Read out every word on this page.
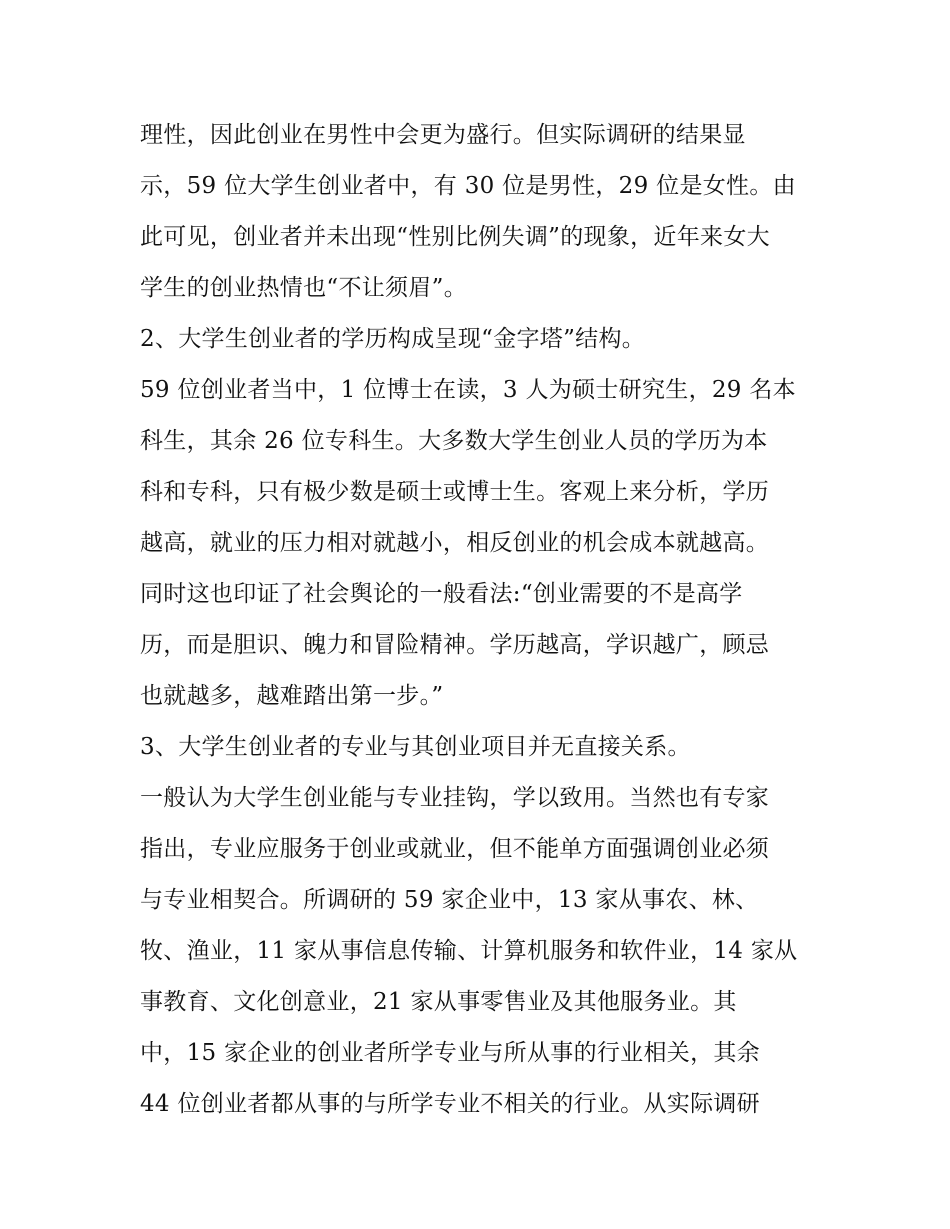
理性，因此创业在男性中会更为盛行。但实际调研的结果显
示，59 位大学生创业者中，有 30 位是男性，29 位是女性。由
此可见，创业者并未出现“性别比例失调”的现象，近年来女大
学生的创业热情也“不让须眉”。
2、大学生创业者的学历构成呈现“金字塔”结构。
59 位创业者当中，1 位博士在读，3 人为硕士研究生，29 名本
科生，其余 26 位专科生。大多数大学生创业人员的学历为本
科和专科，只有极少数是硕士或博士生。客观上来分析，学历
越高，就业的压力相对就越小，相反创业的机会成本就越高。
同时这也印证了社会舆论的一般看法:“创业需要的不是高学
历，而是胆识、魄力和冒险精神。学历越高，学识越广，顾忌
也就越多，越难踏出第一步。”
3、大学生创业者的专业与其创业项目并无直接关系。
一般认为大学生创业能与专业挂钩，学以致用。当然也有专家
指出，专业应服务于创业或就业，但不能单方面强调创业必须
与专业相契合。所调研的 59 家企业中，13 家从事农、林、
牧、渔业，11 家从事信息传输、计算机服务和软件业，14 家从
事教育、文化创意业，21 家从事零售业及其他服务业。其
中，15 家企业的创业者所学专业与所从事的行业相关，其余
44 位创业者都从事的与所学专业不相关的行业。从实际调研
